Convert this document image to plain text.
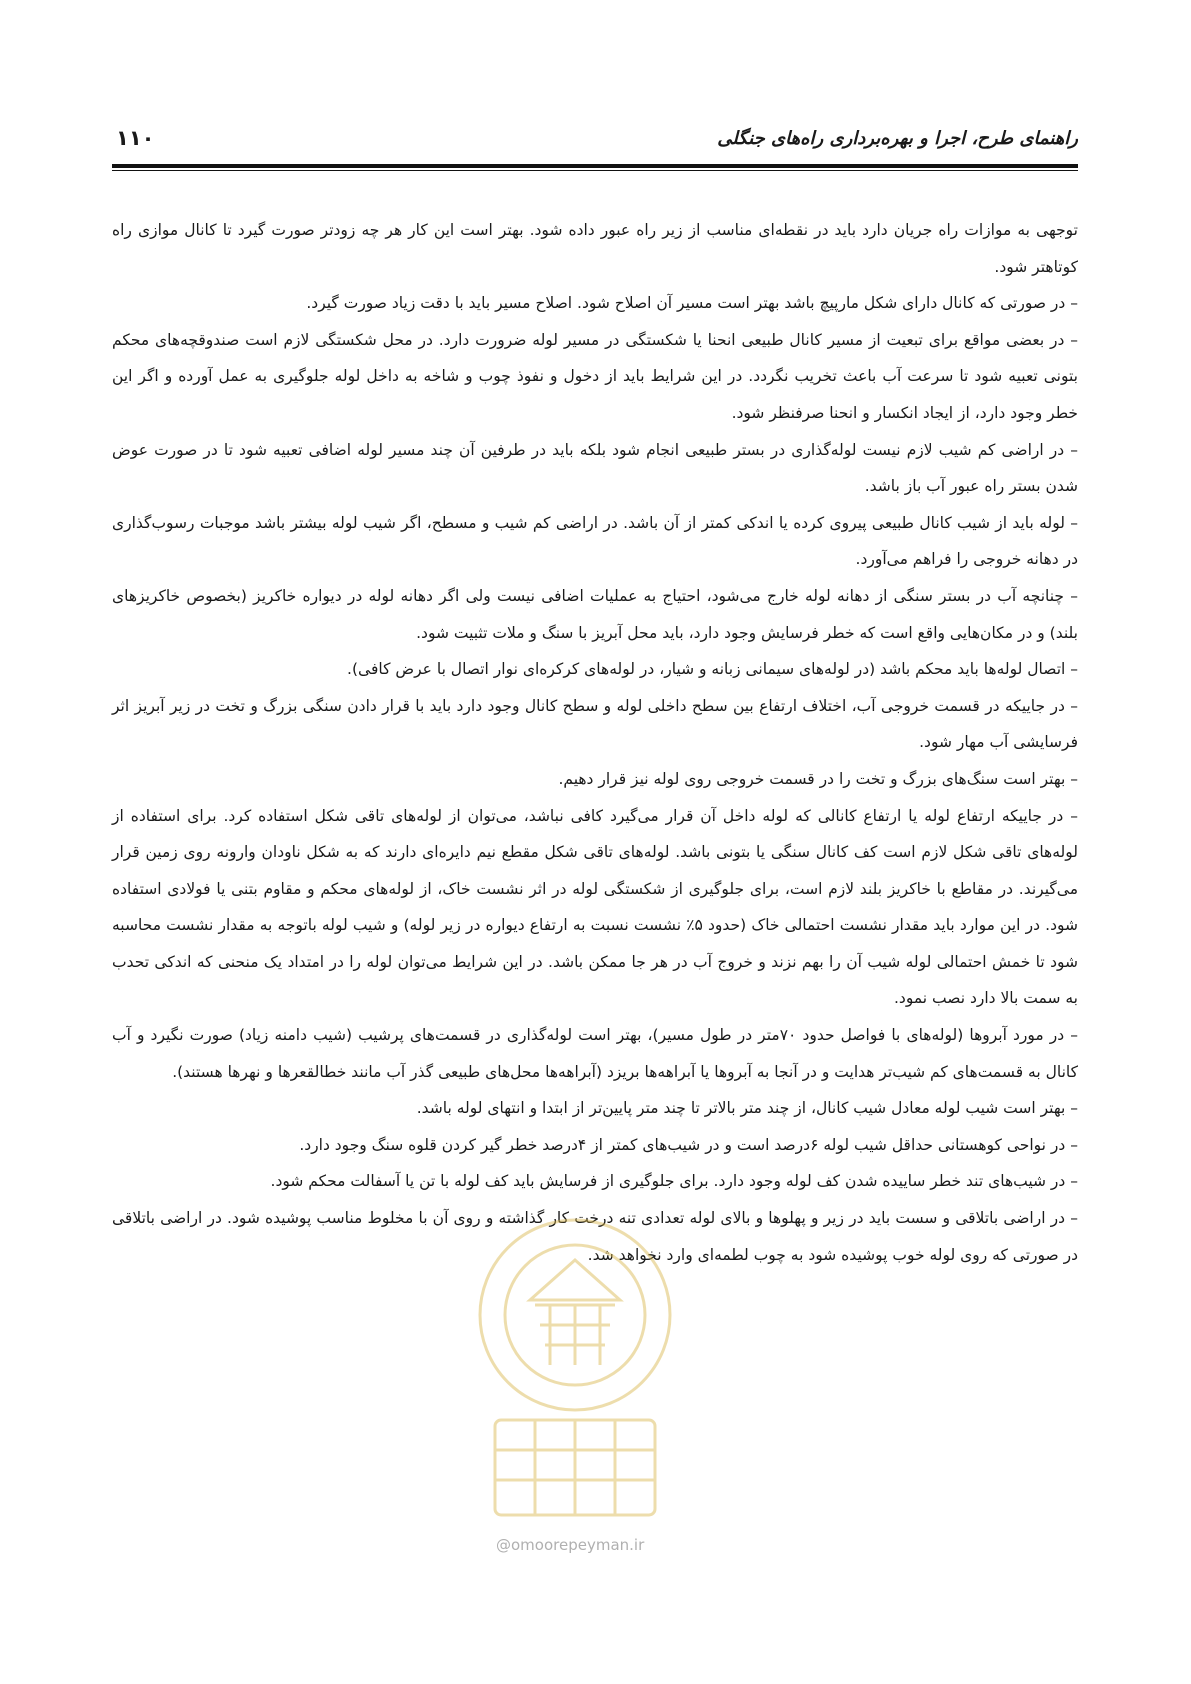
راهنمای طرح، اجرا و بهره‌برداری راه‌های جنگلی
۱۱۰

توجهی به موازات راه جریان دارد باید در نقطه‌ای مناسب از زیر راه عبور داده شود. بهتر است این کار هر چه زودتر صورت گیرد تا کانال موازی راه کوتاهتر شود.

– در صورتی که کانال دارای شکل مارپیچ باشد بهتر است مسیر آن اصلاح شود. اصلاح مسیر باید با دقت زیاد صورت گیرد.

– در بعضی مواقع برای تبعیت از مسیر کانال طبیعی انحنا یا شکستگی در مسیر لوله ضرورت دارد. در محل شکستگی لازم است صندوقچه‌های محکم بتونی تعبیه شود تا سرعت آب باعث تخریب نگردد. در این شرایط باید از دخول و نفوذ چوب و شاخه به داخل لوله جلوگیری به عمل آورده و اگر این خطر وجود دارد، از ایجاد انکسار و انحنا صرفنظر شود.

– در اراضی کم شیب لازم نیست لوله‌گذاری در بستر طبیعی انجام شود بلکه باید در طرفین آن چند مسیر لوله اضافی تعبیه شود تا در صورت عوض شدن بستر راه عبور آب باز باشد.

– لوله باید از شیب کانال طبیعی پیروی کرده یا اندکی کمتر از آن باشد. در اراضی کم شیب و مسطح، اگر شیب لوله بیشتر باشد موجبات رسوب‌گذاری در دهانه خروجی را فراهم می‌آورد.

– چنانچه آب در بستر سنگی از دهانه لوله خارج می‌شود، احتیاج به عملیات اضافی نیست ولی اگر دهانه لوله در دیواره خاکریز (بخصوص خاکریزهای بلند) و در مکان‌هایی واقع است که خطر فرسایش وجود دارد، باید محل آبریز با سنگ و ملات تثبیت شود.

– اتصال لوله‌ها باید محکم باشد (در لوله‌های سیمانی زبانه و شیار، در لوله‌های کرکره‌ای نوار اتصال با عرض کافی).

– در جاییکه در قسمت خروجی آب، اختلاف ارتفاع بین سطح داخلی لوله و سطح کانال وجود دارد باید با قرار دادن سنگی بزرگ و تخت در زیر آبریز اثر فرسایشی آب مهار شود.

– بهتر است سنگ‌های بزرگ و تخت را در قسمت خروجی روی لوله نیز قرار دهیم.

– در جاییکه ارتفاع لوله یا ارتفاع کانالی که لوله داخل آن قرار می‌گیرد کافی نباشد، می‌توان از لوله‌های تاقی شکل استفاده کرد. برای استفاده از لوله‌های تاقی شکل لازم است کف کانال سنگی یا بتونی باشد. لوله‌های تاقی شکل مقطع نیم دایره‌ای دارند که به شکل ناودان وارونه روی زمین قرار می‌گیرند. در مقاطع با خاکریز بلند لازم است، برای جلوگیری از شکستگی لوله در اثر نشست خاک، از لوله‌های محکم و مقاوم بتنی یا فولادی استفاده شود. در این موارد باید مقدار نشست احتمالی خاک (حدود ۵٪ نشست نسبت به ارتفاع دیواره در زیر لوله) و شیب لوله باتوجه به مقدار نشست محاسبه شود تا خمش احتمالی لوله شیب آن را بهم نزند و خروج آب در هر جا ممکن باشد. در این شرایط می‌توان لوله را در امتداد یک منحنی که اندکی تحدب به سمت بالا دارد نصب نمود.

– در مورد آبروها (لوله‌های با فواصل حدود ۷۰متر در طول مسیر)، بهتر است لوله‌گذاری در قسمت‌های پرشیب (شیب دامنه زیاد) صورت نگیرد و آب کانال به قسمت‌های کم شیب‌تر هدایت و در آنجا به آبروها یا آبراهه‌ها بریزد (آبراهه‌ها محل‌های طبیعی گذر آب مانند خطالقعرها و نهرها هستند).

– بهتر است شیب لوله معادل شیب کانال، از چند متر بالاتر تا چند متر پایین‌تر از ابتدا و انتهای لوله باشد.

– در نواحی کوهستانی حداقل شیب لوله ۶درصد است و در شیب‌های کمتر از ۴درصد خطر گیر کردن قلوه سنگ وجود دارد.

– در شیب‌های تند خطر ساییده شدن کف لوله وجود دارد. برای جلوگیری از فرسایش باید کف لوله با تن یا آسفالت محکم شود.

– در اراضی باتلاقی و سست باید در زیر و پهلوها و بالای لوله تعدادی تنه درخت کار گذاشته و روی آن با مخلوط مناسب پوشیده شود. در اراضی باتلاقی در صورتی که روی لوله خوب پوشیده شود به چوب لطمه‌ای وارد نخواهد شد.

@omoorepeyman.ir
